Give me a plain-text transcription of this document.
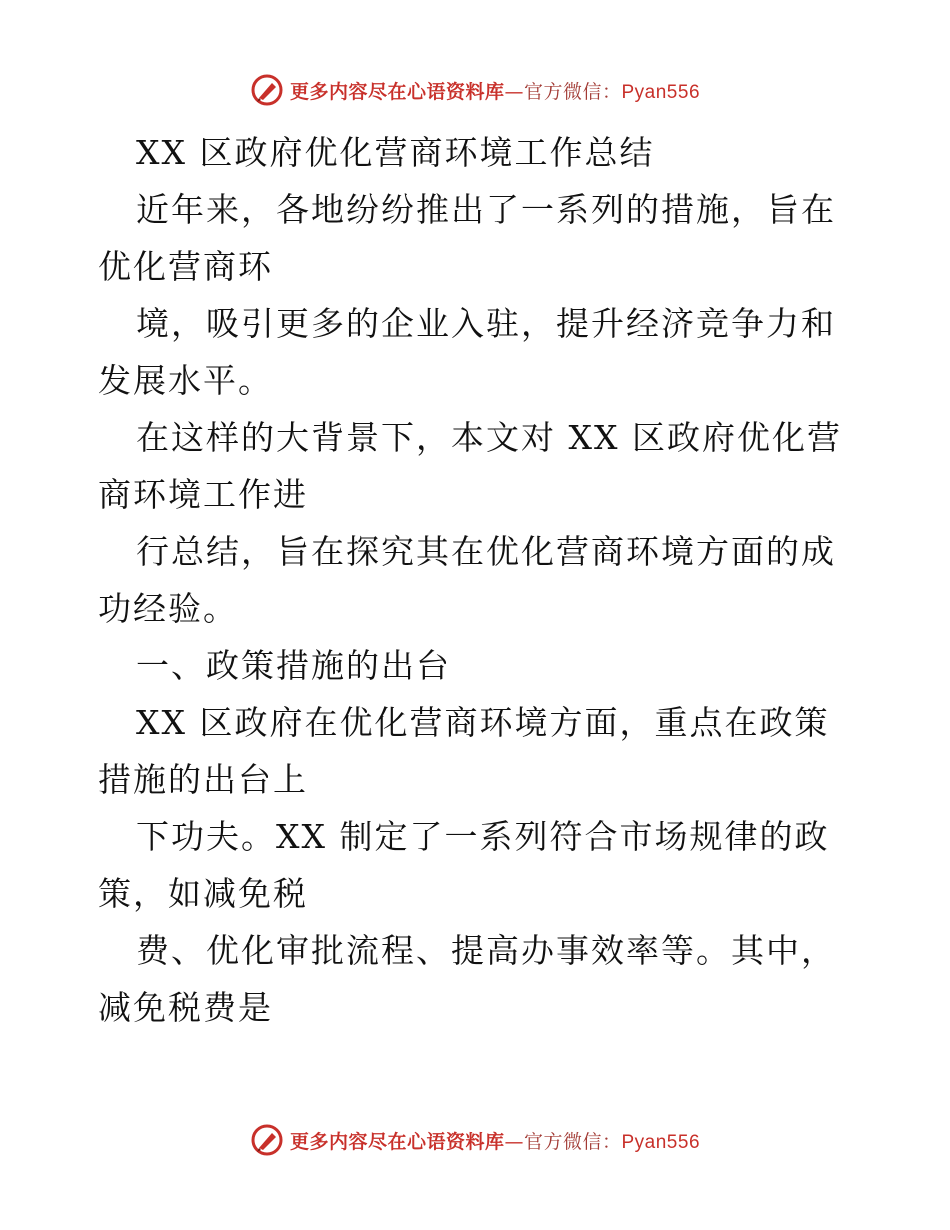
更多内容尽在心语资料库—官方微信：Pyan556

XX 区政府优化营商环境工作总结

近年来，各地纷纷推出了一系列的措施，旨在优化营商环

境，吸引更多的企业入驻，提升经济竞争力和发展水平。

在这样的大背景下，本文对 XX 区政府优化营商环境工作进

行总结，旨在探究其在优化营商环境方面的成功经验。

一、政策措施的出台

XX 区政府在优化营商环境方面，重点在政策措施的出台上

下功夫。XX 制定了一系列符合市场规律的政策，如减免税

费、优化审批流程、提高办事效率等。其中，减免税费是

更多内容尽在心语资料库—官方微信：Pyan556
